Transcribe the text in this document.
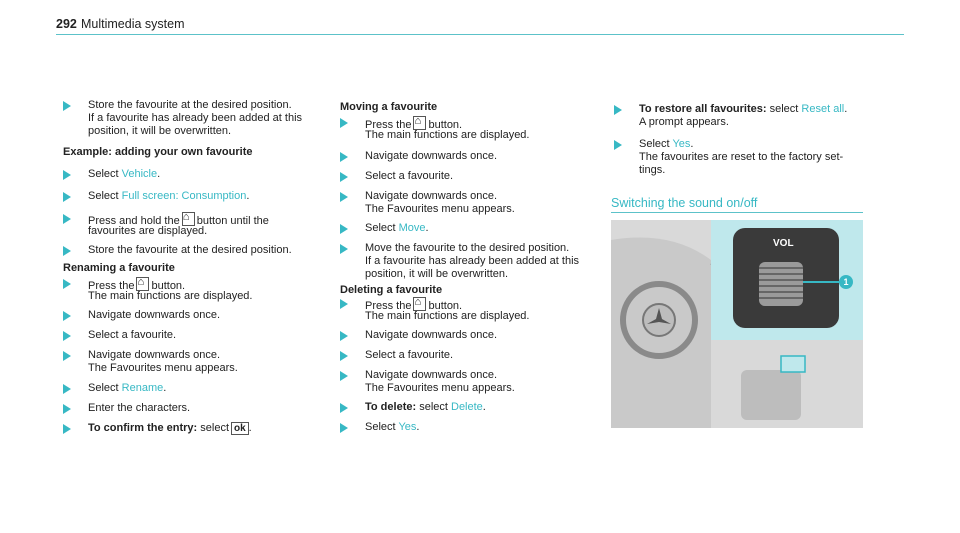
292 Multimedia system
Store the favourite at the desired position.
If a favourite has already been added at this
position, it will be overwritten.
Example: adding your own favourite
Select Vehicle.
Select Full screen: Consumption.
Press and hold the ⌂ button until the
favourites are displayed.
Store the favourite at the desired position.
Renaming a favourite
Press the ⌂ button.
The main functions are displayed.
Navigate downwards once.
Select a favourite.
Navigate downwards once.
The Favourites menu appears.
Select Rename.
Enter the characters.
To confirm the entry: select ok .
Moving a favourite
Press the ⌂ button.
The main functions are displayed.
Navigate downwards once.
Select a favourite.
Navigate downwards once.
The Favourites menu appears.
Select Move.
Move the favourite to the desired position.
If a favourite has already been added at this
position, it will be overwritten.
Deleting a favourite
Press the ⌂ button.
The main functions are displayed.
Navigate downwards once.
Select a favourite.
Navigate downwards once.
The Favourites menu appears.
To delete: select Delete.
Select Yes.
To restore all favourites: select Reset all.
A prompt appears.
Select Yes.
The favourites are reset to the factory set-
tings.
Switching the sound on/off
VOL
1
